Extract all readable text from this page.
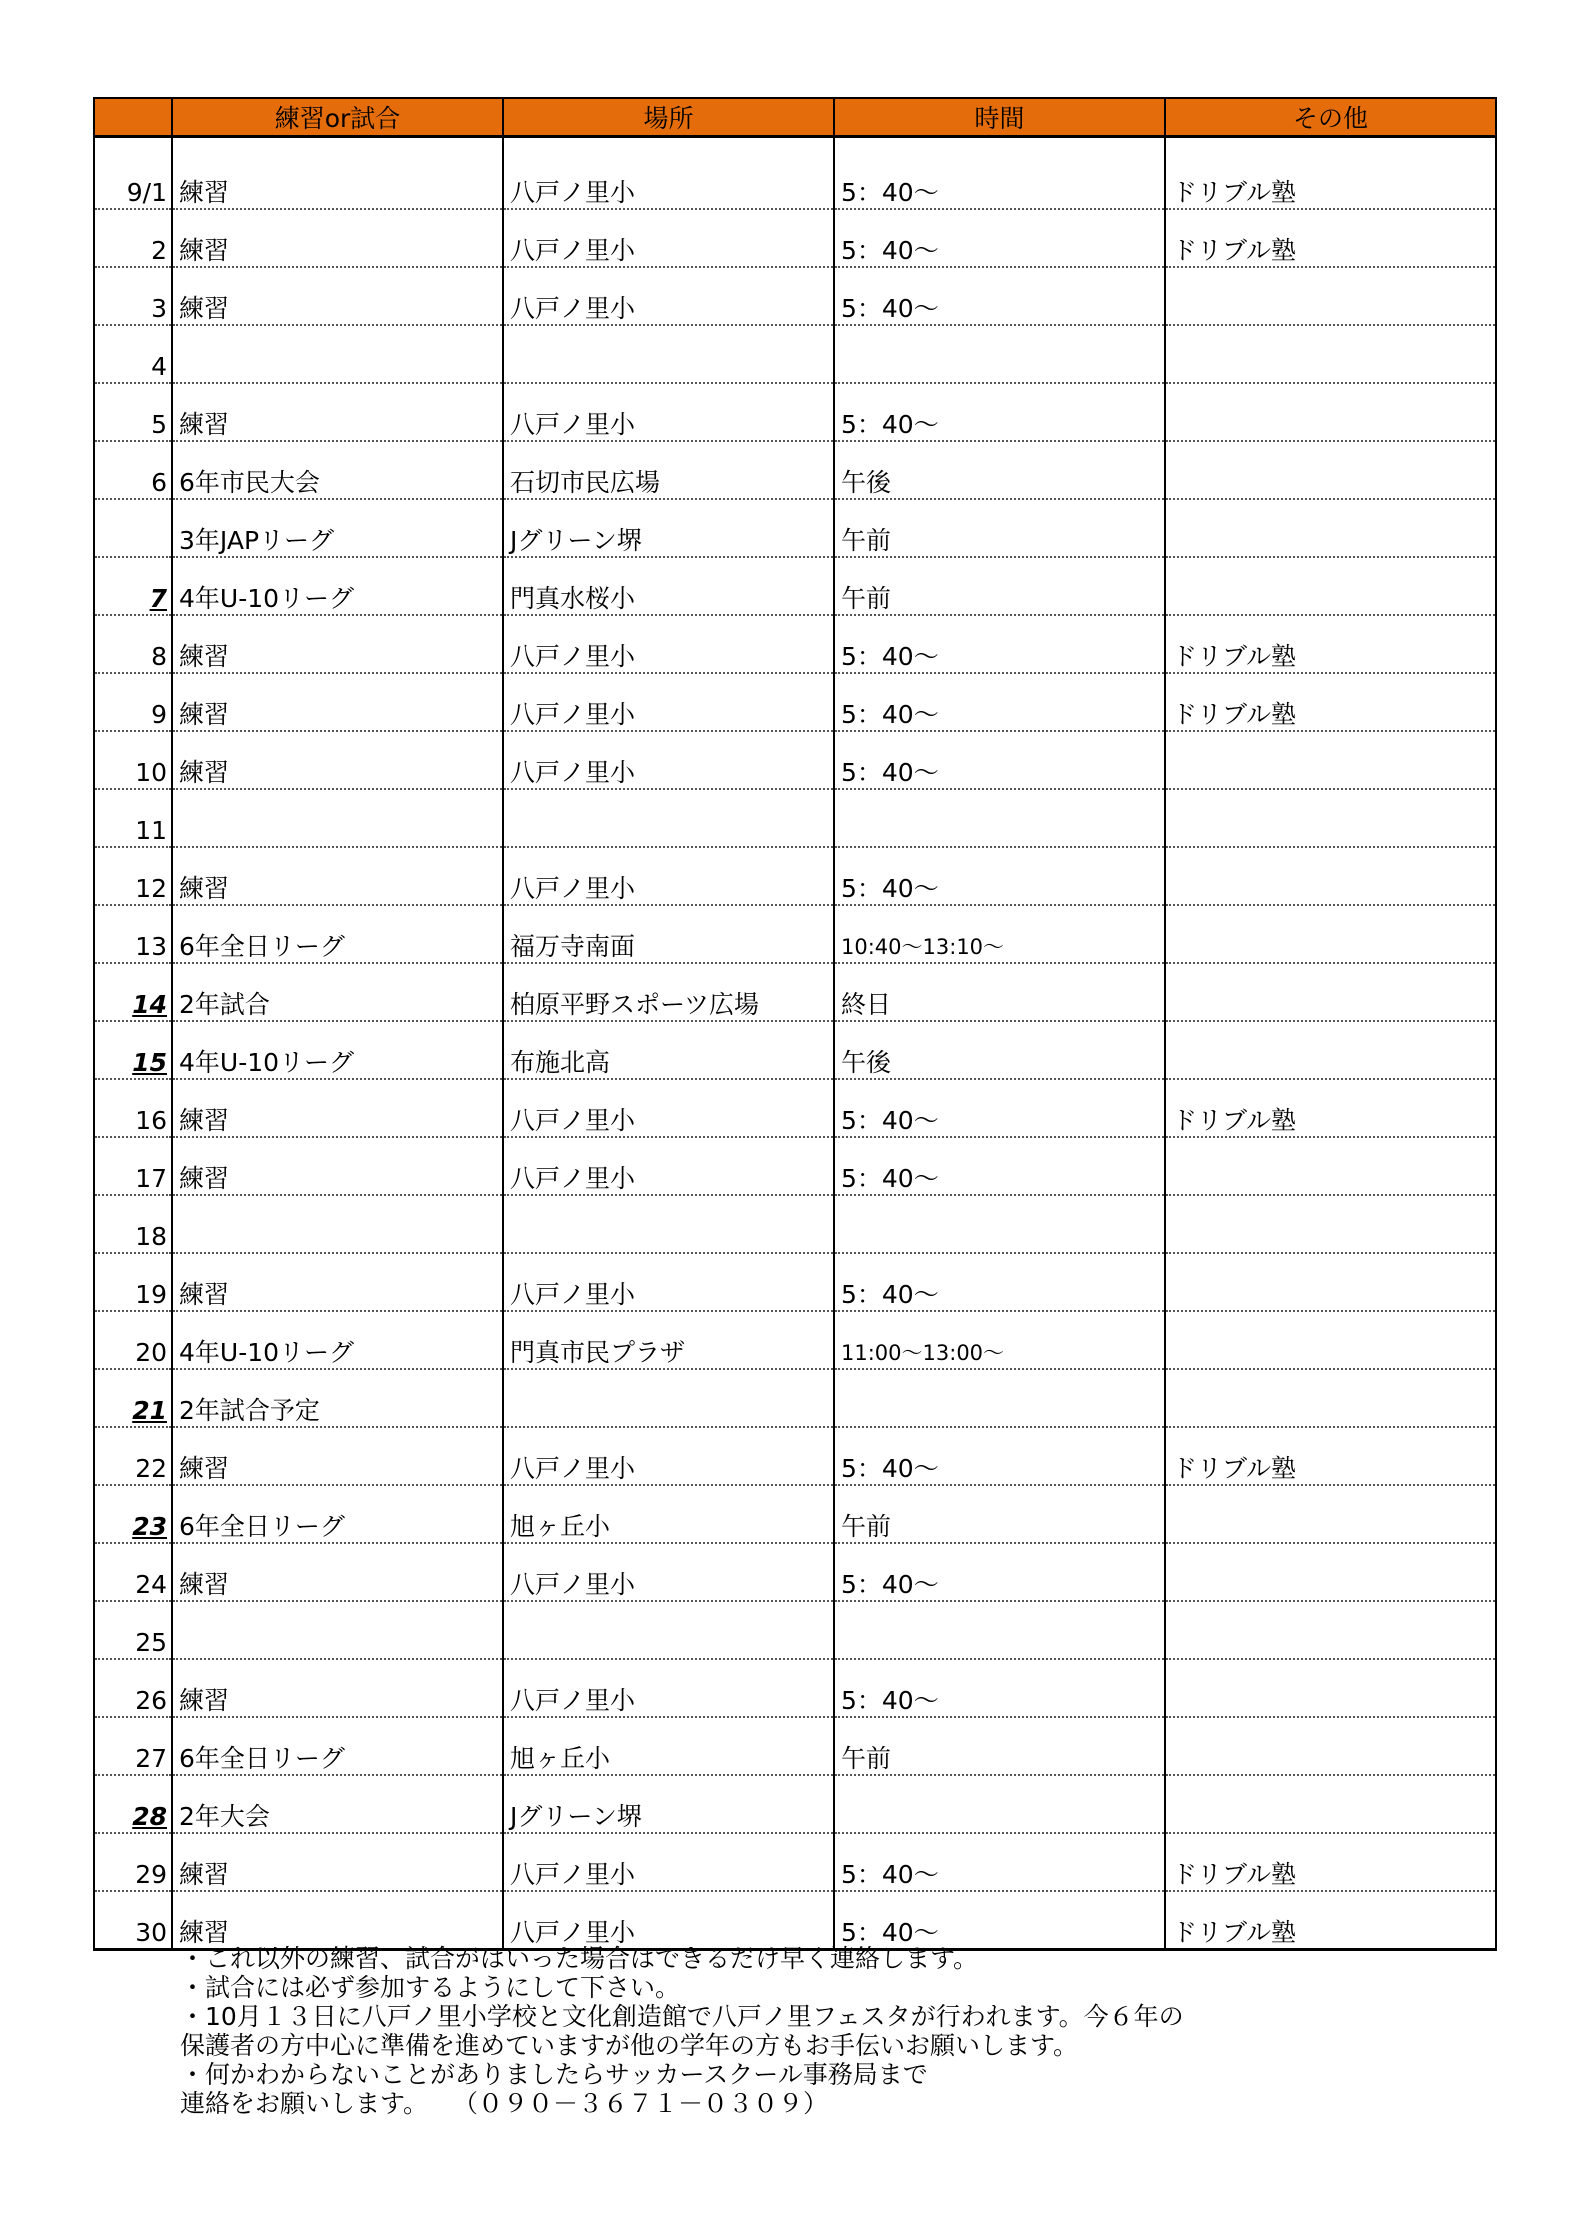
	練習or試合	場所	時間	その他

9/1	練習	八戸ノ里小	5：40～	ドリブル塾
2	練習	八戸ノ里小	5：40～	ドリブル塾
3	練習	八戸ノ里小	5：40～	
4				
5	練習	八戸ノ里小	5：40～	
6	6年市民大会	石切市民広場	午後	
	3年JAPリーグ	Jグリーン堺	午前	
7	4年U-10リーグ	門真水桜小	午前	
8	練習	八戸ノ里小	5：40～	ドリブル塾
9	練習	八戸ノ里小	5：40～	ドリブル塾
10	練習	八戸ノ里小	5：40～	
11				
12	練習	八戸ノ里小	5：40～	
13	6年全日リーグ	福万寺南面	10:40～13:10～	
14	2年試合	柏原平野スポーツ広場	終日	
15	4年U-10リーグ	布施北高	午後	
16	練習	八戸ノ里小	5：40～	ドリブル塾
17	練習	八戸ノ里小	5：40～	
18				
19	練習	八戸ノ里小	5：40～	
20	4年U-10リーグ	門真市民プラザ	11:00～13:00～	
21	2年試合予定			
22	練習	八戸ノ里小	5：40～	ドリブル塾
23	6年全日リーグ	旭ヶ丘小	午前	
24	練習	八戸ノ里小	5：40～	
25				
26	練習	八戸ノ里小	5：40～	
27	6年全日リーグ	旭ヶ丘小	午前	
28	2年大会	Jグリーン堺		
29	練習	八戸ノ里小	5：40～	ドリブル塾
30	練習	八戸ノ里小	5：40～	ドリブル塾
・これ以外の練習、試合がはいった場合はできるだけ早く連絡します。
・試合には必ず参加するようにして下さい。
・10月１３日に八戸ノ里小学校と文化創造館で八戸ノ里フェスタが行われます。今６年の
保護者の方中心に準備を進めていますが他の学年の方もお手伝いお願いします。
・何かわからないことがありましたらサッカースクール事務局まで
連絡をお願いします。　　（０９０－３６７１－０３０９）
